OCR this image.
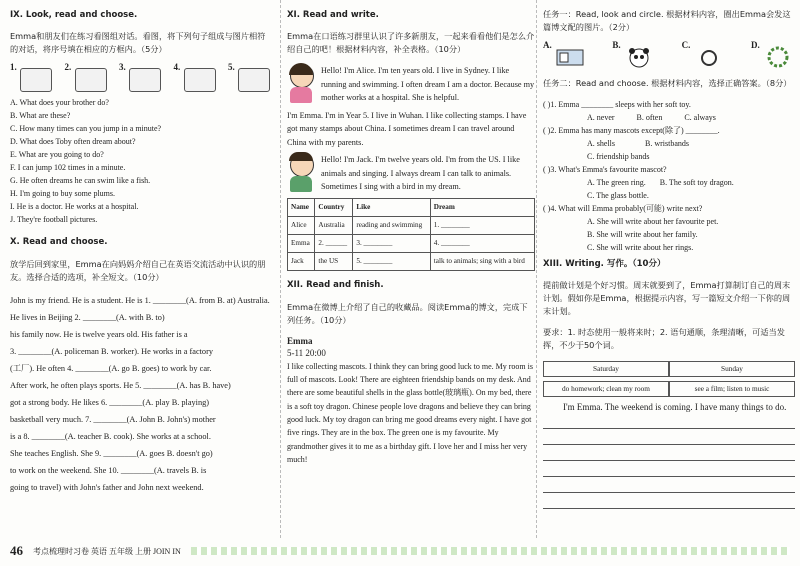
IX. Look, read and choose.

Emma和朋友们在练习看图组对话。看图，将下列句子组成与图片相符的对话，将序号填在相应的方框内。（5分）

1.	2.	3.	4.	5.

A. What does your brother do?

B. What are these?

C. How many times can you jump in a minute?

D. What does Toby often dream about?

E. What are you going to do?

F. I can jump 102 times in a minute.

G. He often dreams he can swim like a fish.

H. I'm going to buy some plums.

I. He is a doctor. He works at a hospital.

J. They're football pictures.

X. Read and choose.

放学后回到家里，Emma在向妈妈介绍自己在英语交流活动中认识的朋友。选择合适的选项，补全短文。（10分）

John is my friend. He is a student. He is 1. ________(A. from B. at) Australia. He lives in Beijing 2. ________(A. with B. to)

his family now. He is twelve years old. His father is a

3. ________(A. policeman B. worker). He works in a factory

(工厂). He often 4. ________(A. go B. goes) to work by car.

After work, he often plays sports. He 5. ________(A. has B. have)

got a strong body. He likes 6. ________(A. play B. playing)

basketball very much. 7. ________(A. John B. John's) mother

is a 8. ________(A. teacher B. cook). She works at a school.

She teaches English. She 9. ________(A. goes B. doesn't go)

to work on the weekend. She 10. ________(A. travels B. is

going to travel) with John's father and John next weekend.

XI. Read and write.

Emma在口语练习群里认识了许多新朋友，一起来看看他们是怎么介绍自己的吧！根据材料内容，补全表格。（10分）

Hello! I'm Alice. I'm ten years old. I live in Sydney. I like running and swimming. I often dream I am a doctor. Because my mother works at a hospital. She is helpful.

I'm Emma. I'm in Year 5. I live in Wuhan. I like collecting stamps. I have got many stamps about China. I sometimes dream I can travel around China with my parents.

Hello! I'm Jack. I'm twelve years old. I'm from the US. I like animals and singing. I always dream I can talk to animals. Sometimes I sing with a bird in my dream.

Name	Country	Like	Dream
Alice	Australia	reading and swimming	1. ________
Emma	2. ______	3. ________	4. ________
Jack	the US	5. ________	talk to animals; sing with a bird

XII. Read and finish.

Emma在微博上介绍了自己的收藏品。阅读Emma的博文，完成下列任务。（10分）

Emma

5-11 20:00

I like collecting mascots. I think they can bring good luck to me. My room is full of mascots. Look! There are eighteen friendship bands on my desk. And there are some beautiful shells in the glass bottle(玻璃瓶). On my bed, there is a soft toy dragon. Chinese people love dragons and believe they can bring good luck. My toy dragon can bring me good dreams every night. I have got five rings. They are in the box. The green one is my favourite. My grandmother gives it to me as a birthday gift. I love her and I miss her very much!

任务一：Read, look and circle. 根据材料内容，圈出Emma会发这篇博文配的图片。（2分）

A.	B.	C.	D.

任务二：Read and choose. 根据材料内容，选择正确答案。（8分）

( )1. Emma ________ sleeps with her soft toy.

A. never	B. often	C. always

( )2. Emma has many mascots except(除了) ________.

A. shells	B. wristbands

C. friendship bands

( )3. What's Emma's favourite mascot?

A. The green ring. B. The soft toy dragon.

C. The glass bottle.

( )4. What will Emma probably(可能) write next?

A. She will write about her favourite pet.

B. She will write about her family.

C. She will write about her rings.

XIII. Writing. 写作。（10分）

提前做计划是个好习惯。周末就要到了，Emma打算制订自己的周末计划。假如你是Emma，根据提示内容，写一篇短文介绍一下你的周末计划。

要求：1. 时态使用一般将来时；2. 语句通顺，条理清晰，可适当发挥，不少于50个词。

Saturday	Sunday
do homework; clean my room	see a film; listen to music

I'm Emma. The weekend is coming. I have many things to do.

46 考点梳理时习卷 英语 五年级 上册 JOIN IN
